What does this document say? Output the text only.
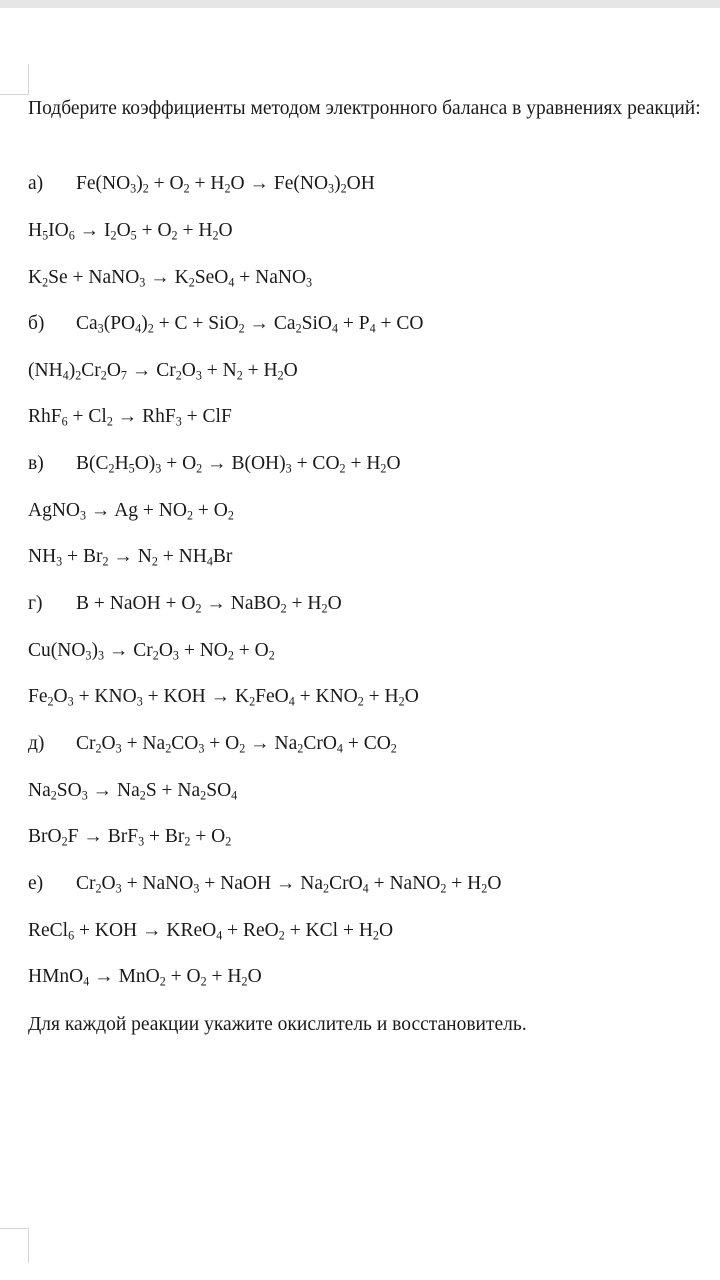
Подберите коэффициенты методом электронного баланса в уравнениях реакций:
а) $Fe(NO_3)_2 + O_2 + H_2O \to Fe(NO_3)_2OH$
$H_5IO_6 \to I_2O_5 + O_2 + H_2O$
$K_2Se$ + NaNO$_3$ → $K_2SeO_4$ + NaNO$_3$
б) $Ca_3(PO_4)_2 + C + SiO_2 \to Ca_2SiO_4 + P_4$ + CO
$(NH_4)_2Cr_2O_7 \to Cr_2O_3 + N_2 + H_2O$
$RhF_6 + Cl_2 \to RhF_3$ + ClF
в) $B(C_2H_5O)_3 + O_2 \to B(OH)_3 + CO_2 + H_2O$
AgNO$_3$ → $Ag + NO_2 + O_2$
$NH_3 + Br_2 \to N_2 + NH_4Br$
г) B + NaOH + $O_2$ → NaBO$_2$ + $H_2O$
$Cu(NO_3)_3 \to Cr_2O_3 + NO_2 + O_2$
$Fe_2O_3 + KNO_3$ + KOH → $K_2FeO_4 + KNO_2 + H_2O$
д) $Cr_2O_3 + Na_2CO_3 + O_2 \to Na_2CrO_4 + CO_2$
$Na_2SO_3 \to Na_2S + Na_2SO_4$
$BrO_2F \to BrF_3 + Br_2 + O_2$
е) $Cr_2O_3$ + NaNO$_3$ + NaOH → $Na_2CrO_4$ + NaNO$_2$ + $H_2O$
ReCl$_6$ + KOH → KReO$_4$ + ReO$_2$ + KCl + $H_2O$
HMnO$_4$ → $MnO_2 + O_2 + H_2O$
Для каждой реакции укажите окислитель и восстановитель.
